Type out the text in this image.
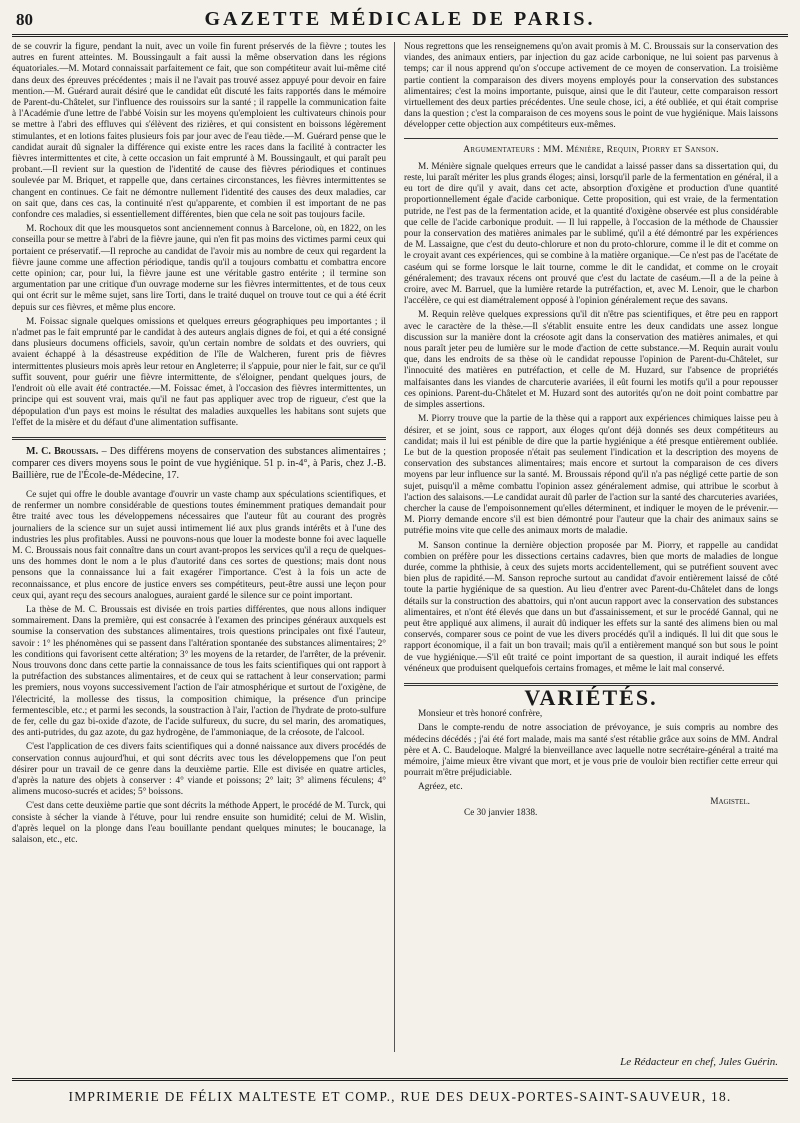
80	GAZETTE MÉDICALE DE PARIS.

de se couvrir la figure, pendant la nuit, avec un voile fin furent préservés de la fièvre ; toutes les autres en furent atteintes. M. Boussingault a fait aussi la même observation dans les régions équatoriales.—M. Motard connaissait parfaitement ce fait, que son compétiteur avait lui-même cité dans deux des épreuves précédentes ; mais il ne l'avait pas trouvé assez appuyé pour devoir en faire mention.—M. Guérard aurait désiré que le candidat eût discuté les faits rapportés dans le mémoire de Parent-du-Châtelet, sur l'influence des rouissoirs sur la santé ; il rappelle la communication faite à l'Académie d'une lettre de l'abbé Voisin sur les moyens qu'emploient les cultivateurs chinois pour se mettre à l'abri des effluves qui s'élèvent des rizières, et qui consistent en boissons légèrement stimulantes, et en lotions faites plusieurs fois par jour avec de l'eau tiède.—M. Guérard pense que le candidat aurait dû signaler la différence qui existe entre les races dans la facilité à contracter les fièvres intermittentes et cite, à cette occasion un fait emprunté à M. Boussingault, et qui paraît peu probant.—Il revient sur la question de l'identité de cause des fièvres périodiques et continues soulevée par M. Briquet, et rappelle que, dans certaines circonstances, les fièvres intermittentes se changent en continues. Ce fait ne démontre nullement l'identité des causes des deux maladies, car on sait que, dans ces cas, la continuité n'est qu'apparente, et combien il est important de ne pas confondre ces maladies, si essentiellement différentes, bien que cela ne soit pas toujours facile.

M. Rochoux dit que les mousquetos sont anciennement connus à Barcelone, où, en 1822, on les conseilla pour se mettre à l'abri de la fièvre jaune, qui n'en fit pas moins des victimes parmi ceux qui portaient ce préservatif.—Il reproche au candidat de l'avoir mis au nombre de ceux qui regardent la fièvre jaune comme une affection périodique, tandis qu'il a toujours combattu et combattra encore cette opinion; car, pour lui, la fièvre jaune est une véritable gastro entérite ; il termine son argumentation par une critique d'un ouvrage moderne sur les fièvres intermittentes, et de tous ceux qui ont écrit sur le même sujet, sans lire Torti, dans le traité duquel on trouve tout ce qui a été écrit depuis sur ces fièvres, et même plus encore.

M. Foissac signale quelques omissions et quelques erreurs géographiques peu importantes ; il n'admet pas le fait emprunté par le candidat à des auteurs anglais dignes de foi, et qui a été consigné dans plusieurs documens officiels, savoir, qu'un certain nombre de soldats et des ouvriers, qui avaient échappé à la désastreuse expédition de l'île de Walcheren, furent pris de fièvres intermittentes plusieurs mois après leur retour en Angleterre; il s'appuie, pour nier le fait, sur ce qu'il suffit souvent, pour guérir une fièvre intermittente, de s'éloigner, pendant quelques jours, de l'endroit où elle avait été contractée.—M. Foissac émet, à l'occasion des fièvres intermittentes, un principe qui est souvent vrai, mais qu'il ne faut pas appliquer avec trop de rigueur, c'est que la dépopulation d'un pays est moins le résultat des maladies auxquelles les habitans sont sujets que l'effet de la misère et du défaut d'une alimentation suffisante.

M. C. Broussais. – Des différens moyens de conservation des substances alimentaires ; comparer ces divers moyens sous le point de vue hygiénique. 51 p. in-4°, à Paris, chez J.-B. Baillière, rue de l'École-de-Médecine, 17.

Ce sujet qui offre le double avantage d'ouvrir un vaste champ aux spéculations scientifiques, et de renfermer un nombre considérable de questions toutes éminemment pratiques demandait pour être traité avec tous les développemens nécessaires que l'auteur fût au courant des progrès journaliers de la science sur un sujet aussi intimement lié aux plus grands intérêts et à l'une des industries les plus profitables. Aussi ne pouvons-nous que louer la modeste bonne foi avec laquelle M. C. Broussais nous fait connaître dans un court avant-propos les services qu'il a reçu de quelques-uns des hommes dont le nom a le plus d'autorité dans ces sortes de questions; mais dont nous pensons que la connaissance lui a fait exagérer l'importance. C'est à la fois un acte de reconnaissance, et plus encore de justice envers ses compétiteurs, peut-être aussi une leçon pour ceux qui, ayant reçu des secours analogues, auraient gardé le silence sur ce point important.

La thèse de M. C. Broussais est divisée en trois parties différentes, que nous allons indiquer sommairement. Dans la première, qui est consacrée à l'examen des principes généraux auxquels est soumise la conservation des substances alimentaires, trois questions principales ont fixé l'auteur, savoir : 1° les phénomènes qui se passent dans l'altération spontanée des substances alimentaires; 2° les conditions qui favorisent cette altération; 3° les moyens de la retarder, de l'arrêter, de la prévenir. Nous trouvons donc dans cette partie la connaissance de tous les faits scientifiques qui ont rapport à la putréfaction des substances alimentaires, et de ceux qui se rattachent à leur conservation; parmi les premiers, nous voyons successivement l'action de l'air atmosphérique et surtout de l'oxigène, de l'électricité, la mollesse des tissus, la composition chimique, la présence d'un principe fermentescible, etc.; et parmi les seconds, la soustraction à l'air, l'action de l'hydrate de proto-sulfure de fer, celle du gaz bi-oxide d'azote, de l'acide sulfureux, du sucre, du sel marin, des aromatiques, des anti-putrides, du gaz azote, du gaz hydrogène, de l'ammoniaque, de la créosote, de l'alcool.

C'est l'application de ces divers faits scientifiques qui a donné naissance aux divers procédés de conservation connus aujourd'hui, et qui sont décrits avec tous les développemens que l'on peut désirer pour un travail de ce genre dans la deuxième partie. Elle est divisée en quatre articles, d'après la nature des objets à conserver : 4° viande et poissons; 2° lait; 3° alimens féculens; 4° alimens mucoso-sucrés et acides; 5° boissons.

C'est dans cette deuxième partie que sont décrits la méthode Appert, le procédé de M. Turck, qui consiste à sécher la viande à l'étuve, pour lui rendre ensuite son humidité; celui de M. Wislin, d'après lequel on la plonge dans l'eau bouillante pendant quelques minutes; le boucanage, la salaison, etc., etc.

Nous regrettons que les renseignemens qu'on avait promis à M. C. Broussais sur la conservation des viandes, des animaux entiers, par injection du gaz acide carbonique, ne lui soient pas parvenus à temps; car il nous apprend qu'on s'occupe activement de ce moyen de conservation. La troisième partie contient la comparaison des divers moyens employés pour la conservation des substances alimentaires; c'est la moins importante, puisque, ainsi que le dit l'auteur, cette comparaison ressort virtuellement des deux parties précédentes. Une seule chose, ici, a été oubliée, et qui était comprise dans la question ; c'est la comparaison de ces moyens sous le point de vue hygiénique. Mais laissons développer cette objection aux compétiteurs eux-mêmes.

Argumentateurs : MM. Ménière, Requin, Piorry et Sanson.

M. Ménière signale quelques erreurs que le candidat a laissé passer dans sa dissertation qui, du reste, lui paraît mériter les plus grands éloges; ainsi, lorsqu'il parle de la fermentation en général, il a eu tort de dire qu'il y avait, dans cet acte, absorption d'oxigène et production d'une quantité proportionnellement égale d'acide carbonique. Cette proposition, qui est vraie, de la fermentation putride, ne l'est pas de la fermentation acide, et la quantité d'oxigène observée est plus considérable que celle de l'acide carbonique produit. — Il lui rappelle, à l'occasion de la méthode de Chaussier pour la conservation des matières animales par le sublimé, qu'il a été démontré par les expériences de M. Lassaigne, que c'est du deuto-chlorure et non du proto-chlorure, comme il le dit et comme on le croyait avant ces expériences, qui se combine à la matière organique.—Ce n'est pas de l'acétate de caséum qui se forme lorsque le lait tourne, comme le dit le candidat, et comme on le croyait généralement; des travaux récens ont prouvé que c'est du lactate de caséum.—Il a de la peine à croire, avec M. Barruel, que la lumière retarde la putréfaction, et, avec M. Lenoir, que le charbon l'accélère, ce qui est diamétralement opposé à l'opinion généralement reçue des savans.

M. Requin relève quelques expressions qu'il dit n'être pas scientifiques, et être peu en rapport avec le caractère de la thèse.—Il s'établit ensuite entre les deux candidats une assez longue discussion sur la manière dont la créosote agit dans la conservation des matières animales, et qui nous paraît jeter peu de lumière sur le mode d'action de cette substance.—M. Requin aurait voulu que, dans les endroits de sa thèse où le candidat repousse l'opinion de Parent-du-Châtelet, sur l'innocuité des matières en putréfaction, et celle de M. Huzard, sur l'absence de propriétés malfaisantes dans les viandes de charcuterie avariées, il eût fourni les motifs qu'il a pour repousser ces opinions. Parent-du-Châtelet et M. Huzard sont des autorités qu'on ne doit point combattre par de simples assertions.

M. Piorry trouve que la partie de la thèse qui a rapport aux expériences chimiques laisse peu à désirer, et se joint, sous ce rapport, aux éloges qu'ont déjà donnés ses deux compétiteurs au candidat; mais il lui est pénible de dire que la partie hygiénique a été presque entièrement oubliée. Le but de la question proposée n'était pas seulement l'indication et la description des moyens de conservation des substances alimentaires; mais encore et surtout la comparaison de ces divers moyens par leur influence sur la santé. M. Broussais répond qu'il n'a pas négligé cette partie de son sujet, puisqu'il a même combattu l'opinion assez généralement admise, qui attribue le scorbut à l'action des salaisons.—Le candidat aurait dû parler de l'action sur la santé des charcuteries avariées, chercher la cause de l'empoisonnement qu'elles déterminent, et indiquer le moyen de le prévenir.—M. Piorry demande encore s'il est bien démontré pour l'auteur que la chair des animaux sains se putréfie moins vite que celle des animaux morts de maladie.

M. Sanson continue la dernière objection proposée par M. Piorry, et rappelle au candidat combien on préfère pour les dissections certains cadavres, bien que morts de maladies de longue durée, comme la phthisie, à ceux des sujets morts accidentellement, qui se putréfient souvent avec bien plus de rapidité.—M. Sanson reproche surtout au candidat d'avoir entièrement laissé de côté toute la partie hygiénique de sa question. Au lieu d'entrer avec Parent-du-Châtelet dans de longs détails sur la construction des abattoirs, qui n'ont aucun rapport avec la conservation des substances alimentaires, et n'ont été élevés que dans un but d'assainissement, et sur le procédé Gannal, qui ne peut être appliqué aux alimens, il aurait dû indiquer les effets sur la santé des alimens bien ou mal conservés, comparer sous ce point de vue les divers procédés qu'il a indiqués. Il lui dit que sous le rapport économique, il a fait un bon travail; mais qu'il a entièrement manqué son but sous le point de vue hygiénique.—S'il eût traité ce point important de sa question, il aurait indiqué les effets vénéneux que produisent quelquefois certains fromages, et même le lait mal conservé.

VARIÉTÉS.

Monsieur et très honoré confrère,

Dans le compte-rendu de notre association de prévoyance, je suis compris au nombre des médecins décédés ; j'ai été fort malade, mais ma santé s'est rétablie grâce aux soins de MM. Andral père et A. C. Baudeloque. Malgré la bienveillance avec laquelle notre secrétaire-général a traité ma mémoire, j'aime mieux être vivant que mort, et je vous prie de vouloir bien rectifier cette erreur qui pourrait m'être préjudiciable.

Agréez, etc.

Magistel.
Ce 30 janvier 1838.
Le Rédacteur en chef, Jules Guérin.
IMPRIMERIE DE FÉLIX MALTESTE ET COMP., RUE DES DEUX-PORTES-SAINT-SAUVEUR, 18.
